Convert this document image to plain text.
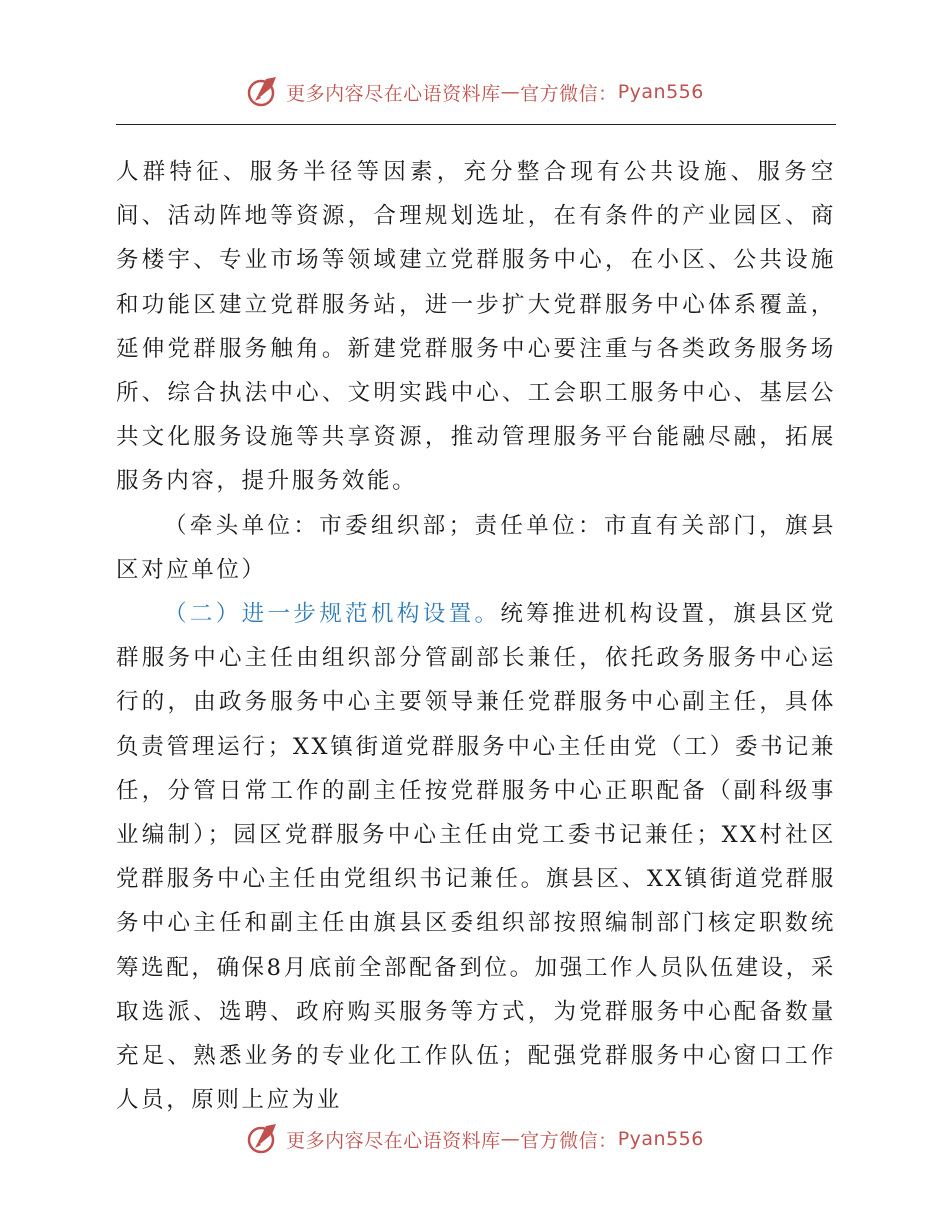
更多内容尽在心语资料库 — 官方微信： Pyan556

人群特征、服务半径等因素，充分整合现有公共设施、服务空间、活动阵地等资源，合理规划选址，在有条件的产业园区、商务楼宇、专业市场等领域建立党群服务中心，在小区、公共设施和功能区建立党群服务站，进一步扩大党群服务中心体系覆盖，延伸党群服务触角。新建党群服务中心要注重与各类政务服务场所、综合执法中心、文明实践中心、工会职工服务中心、基层公共文化服务设施等共享资源，推动管理服务平台能融尽融，拓展服务内容，提升服务效能。

（牵头单位：市委组织部；责任单位：市直有关部门，旗县区对应单位）

（二）进一步规范机构设置。统筹推进机构设置，旗县区党群服务中心主任由组织部分管副部长兼任，依托政务服务中心运行的，由政务服务中心主要领导兼任党群服务中心副主任，具体负责管理运行；XX镇街道党群服务中心主任由党（工）委书记兼任，分管日常工作的副主任按党群服务中心正职配备（副科级事业编制）；园区党群服务中心主任由党工委书记兼任；XX村社区党群服务中心主任由党组织书记兼任。旗县区、XX镇街道党群服务中心主任和副主任由旗县区委组织部按照编制部门核定职数统筹选配，确保8月底前全部配备到位。加强工作人员队伍建设，采取选派、选聘、政府购买服务等方式，为党群服务中心配备数量充足、熟悉业务的专业化工作队伍；配强党群服务中心窗口工作人员，原则上应为业

更多内容尽在心语资料库 — 官方微信： Pyan556
